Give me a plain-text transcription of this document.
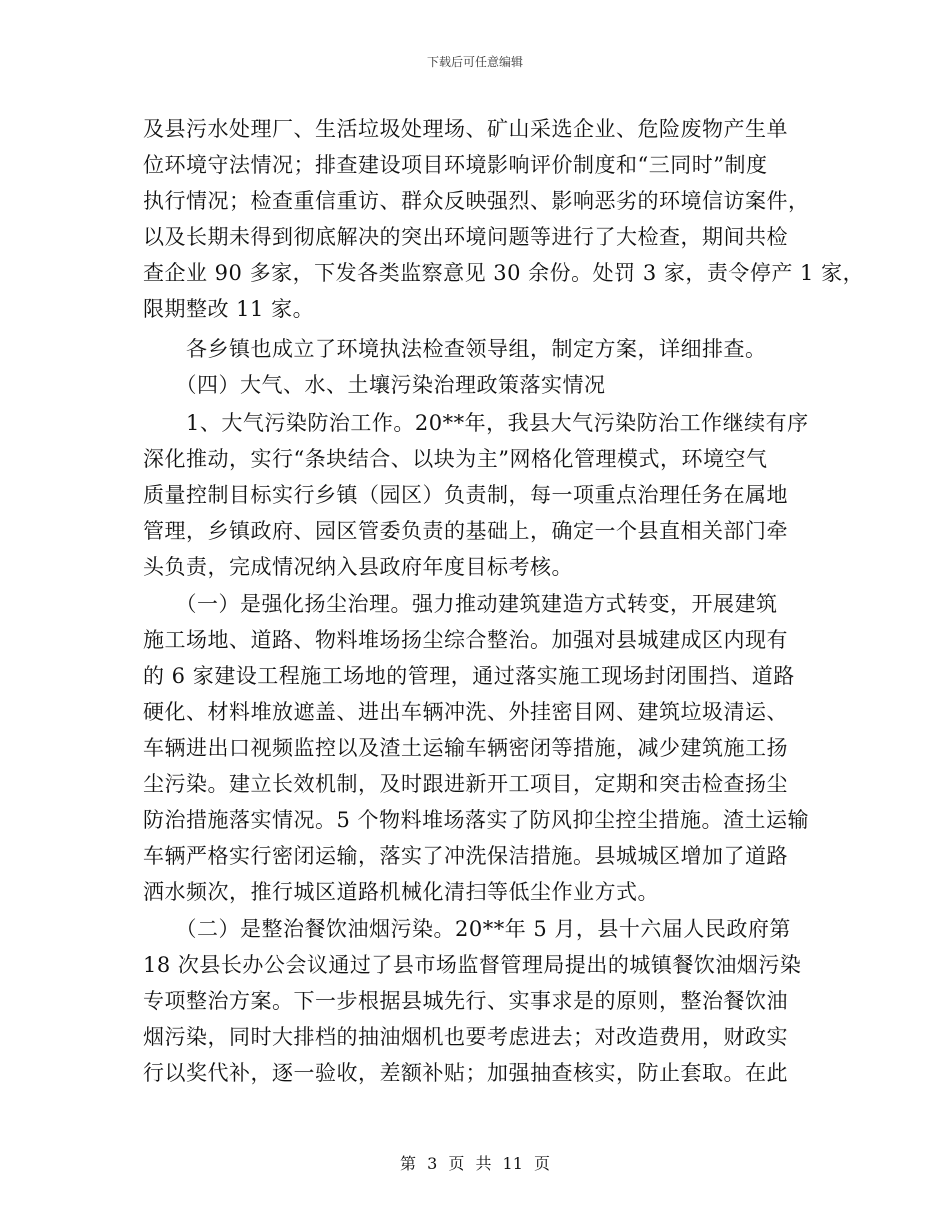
下载后可任意编辑
及县污水处理厂、生活垃圾处理场、矿山采选企业、危险废物产生单
位环境守法情况；排查建设项目环境影响评价制度和“三同时”制度
执行情况；检查重信重访、群众反映强烈、影响恶劣的环境信访案件，
以及长期未得到彻底解决的突出环境问题等进行了大检查，期间共检
查企业 90 多家，下发各类监察意见 30 余份。处罚 3 家，责令停产 1 家，
限期整改 11 家。
　　各乡镇也成立了环境执法检查领导组，制定方案，详细排查。
　　（四）大气、水、土壤污染治理政策落实情况
　　1、大气污染防治工作。20**年，我县大气污染防治工作继续有序
深化推动，实行“条块结合、以块为主”网格化管理模式，环境空气
质量控制目标实行乡镇（园区）负责制，每一项重点治理任务在属地
管理，乡镇政府、园区管委负责的基础上，确定一个县直相关部门牵
头负责，完成情况纳入县政府年度目标考核。
　　（一）是强化扬尘治理。强力推动建筑建造方式转变，开展建筑
施工场地、道路、物料堆场扬尘综合整治。加强对县城建成区内现有
的 6 家建设工程施工场地的管理，通过落实施工现场封闭围挡、道路
硬化、材料堆放遮盖、进出车辆冲洗、外挂密目网、建筑垃圾清运、
车辆进出口视频监控以及渣土运输车辆密闭等措施，减少建筑施工扬
尘污染。建立长效机制，及时跟进新开工项目，定期和突击检查扬尘
防治措施落实情况。5 个物料堆场落实了防风抑尘控尘措施。渣土运输
车辆严格实行密闭运输，落实了冲洗保洁措施。县城城区增加了道路
洒水频次，推行城区道路机械化清扫等低尘作业方式。
　　（二）是整治餐饮油烟污染。20**年 5 月，县十六届人民政府第
18 次县长办公会议通过了县市场监督管理局提出的城镇餐饮油烟污染
专项整治方案。下一步根据县城先行、实事求是的原则，整治餐饮油
烟污染，同时大排档的抽油烟机也要考虑进去；对改造费用，财政实
行以奖代补，逐一验收，差额补贴；加强抽查核实，防止套取。在此
第 3 页 共 11 页
